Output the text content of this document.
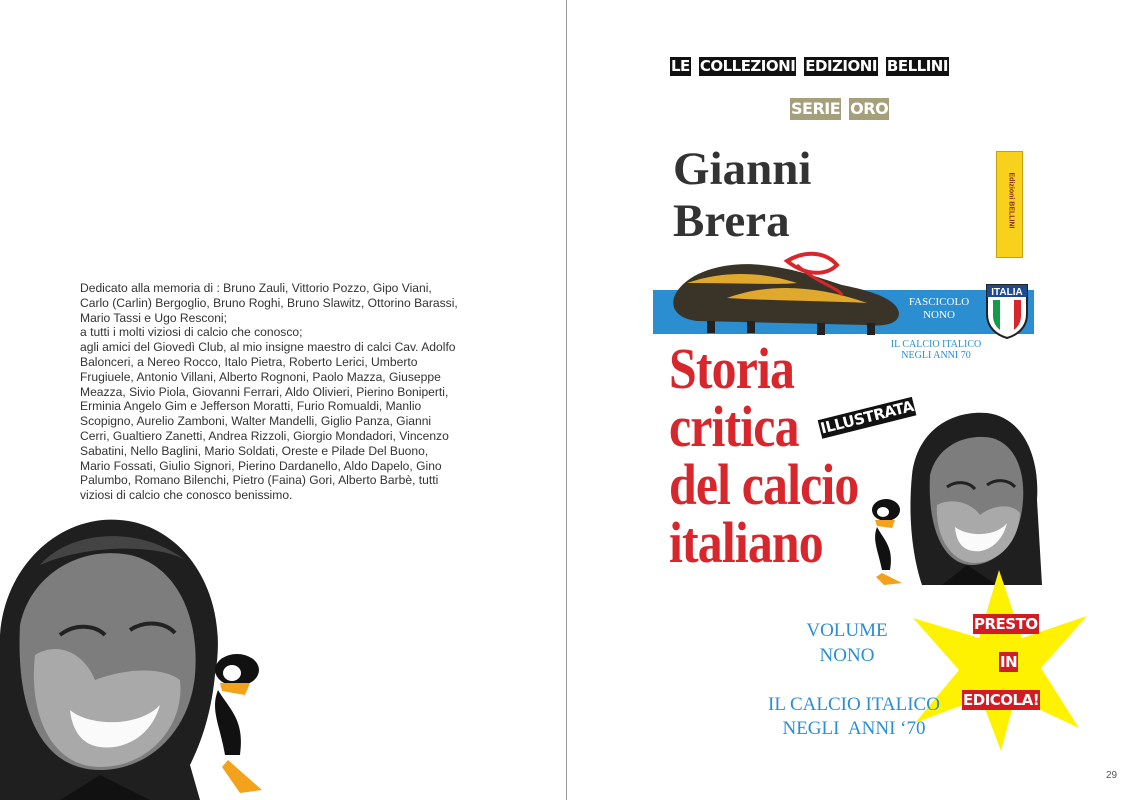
Dedicato alla memoria di : Bruno Zauli, Vittorio Pozzo, Gipo Viani,
Carlo (Carlin) Bergoglio, Bruno Roghi, Bruno Slawitz, Ottorino Barassi,
Mario Tassi e Ugo Resconi;
a tutti i molti viziosi di calcio che conosco;
agli amici del Giovedì Club, al mio insigne maestro di calci Cav. Adolfo
Balonceri, a Nereo Rocco, Italo Pietra, Roberto Lerici, Umberto
Frugiuele, Antonio Villani, Alberto Rognoni, Paolo Mazza, Giuseppe
Meazza, Sivio Piola, Giovanni Ferrari, Aldo Olivieri, Pierino Boniperti,
Erminia Angelo Gim e Jefferson Moratti, Furio Romualdi, Manlio
Scopigno, Aurelio Zamboni, Walter Mandelli, Giglio Panza, Gianni
Cerri, Gualtiero Zanetti, Andrea Rizzoli, Giorgio Mondadori, Vincenzo
Sabatini, Nello Baglini, Mario Soldati, Oreste e Pilade Del Buono,
Mario Fossati, Giulio Signori, Pierino Dardanello, Aldo Dapelo, Gino
Palumbo, Romano Bilenchi, Pietro (Faina) Gori, Alberto Barbè, tutti
viziosi di calcio che conosco benissimo.

LE COLLEZIONI EDIZIONI BELLINI
SERIE ORO
Gianni
Brera	Edizioni BELLINI
FASCICOLO
NONO
ITALIA
IL CALCIO ITALICO
NEGLI ANNI 70
Storia
critica
del calcio
italiano
ILLUSTRATA
PRESTO
IN
EDICOLA!
VOLUME
NONO
IL CALCIO ITALICO
NEGLI  ANNI ‘70
29
